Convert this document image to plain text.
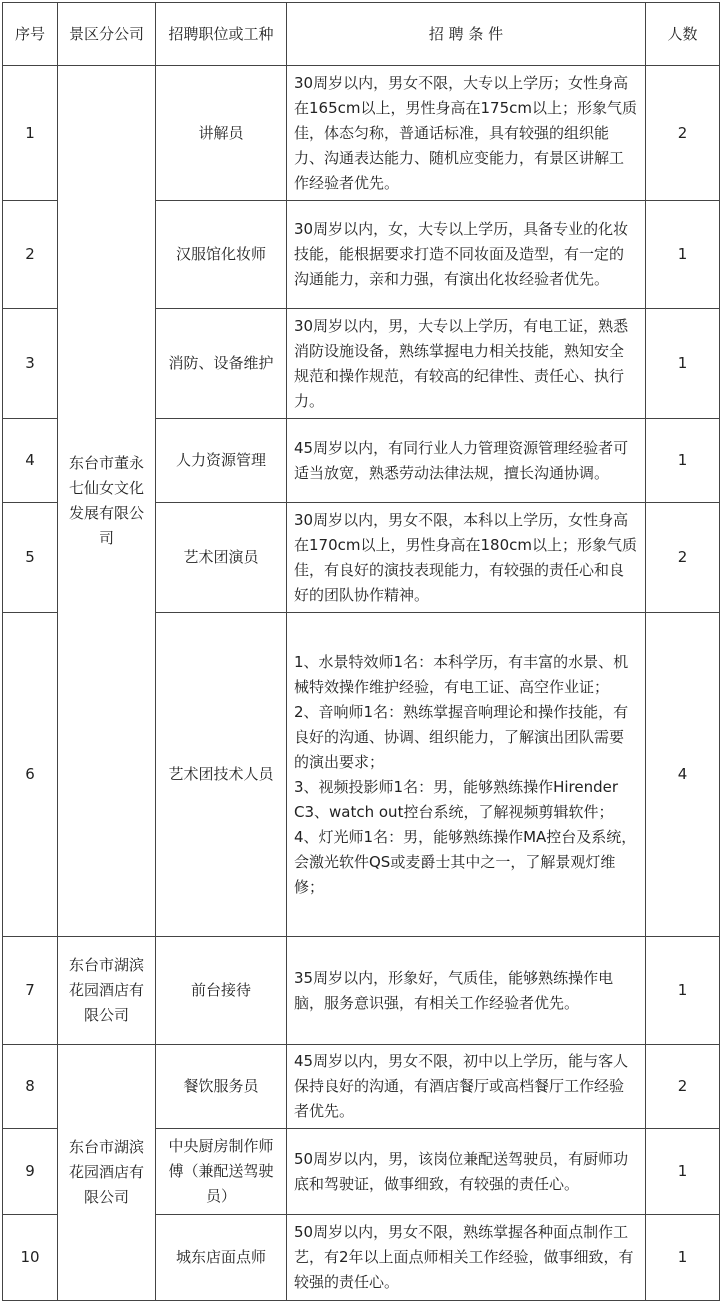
序号	景区分公司	招聘职位或工种	招 聘 条 件	人数
1	东台市董永七仙女文化发展有限公司	讲解员	30周岁以内，男女不限，大专以上学历；女性身高在165cm以上，男性身高在175cm以上；形象气质佳，体态匀称，普通话标准，具有较强的组织能力、沟通表达能力、随机应变能力，有景区讲解工作经验者优先。	2
2		汉服馆化妆师	30周岁以内，女，大专以上学历，具备专业的化妆技能，能根据要求打造不同妆面及造型，有一定的沟通能力，亲和力强，有演出化妆经验者优先。	1
3		消防、设备维护	30周岁以内，男，大专以上学历，有电工证，熟悉消防设施设备，熟练掌握电力相关技能，熟知安全规范和操作规范，有较高的纪律性、责任心、执行力。	1
4		人力资源管理	45周岁以内，有同行业人力管理资源管理经验者可适当放宽，熟悉劳动法律法规，擅长沟通协调。	1
5		艺术团演员	30周岁以内，男女不限，本科以上学历，女性身高在170cm以上，男性身高在180cm以上；形象气质佳，有良好的演技表现能力，有较强的责任心和良好的团队协作精神。	2
6		艺术团技术人员	1、水景特效师1名：本科学历，有丰富的水景、机械特效操作维护经验，有电工证、高空作业证；
2、音响师1名：熟练掌握音响理论和操作技能，有良好的沟通、协调、组织能力，了解演出团队需要的演出要求；
3、视频投影师1名：男，能够熟练操作Hirender C3、watch out控台系统，了解视频剪辑软件；
4、灯光师1名：男，能够熟练操作MA控台及系统，会激光软件QS或麦爵士其中之一，了解景观灯维修；	4
7	东台市湖滨花园酒店有限公司	前台接待	35周岁以内，形象好，气质佳，能够熟练操作电脑，服务意识强，有相关工作经验者优先。	1
8	东台市湖滨花园酒店有限公司	餐饮服务员	45周岁以内，男女不限，初中以上学历，能与客人保持良好的沟通，有酒店餐厅或高档餐厅工作经验者优先。	2
9		中央厨房制作师傅（兼配送驾驶员）	50周岁以内，男，该岗位兼配送驾驶员，有厨师功底和驾驶证，做事细致，有较强的责任心。	1
10		城东店面点师	50周岁以内，男女不限，熟练掌握各种面点制作工艺，有2年以上面点师相关工作经验，做事细致，有较强的责任心。	1
